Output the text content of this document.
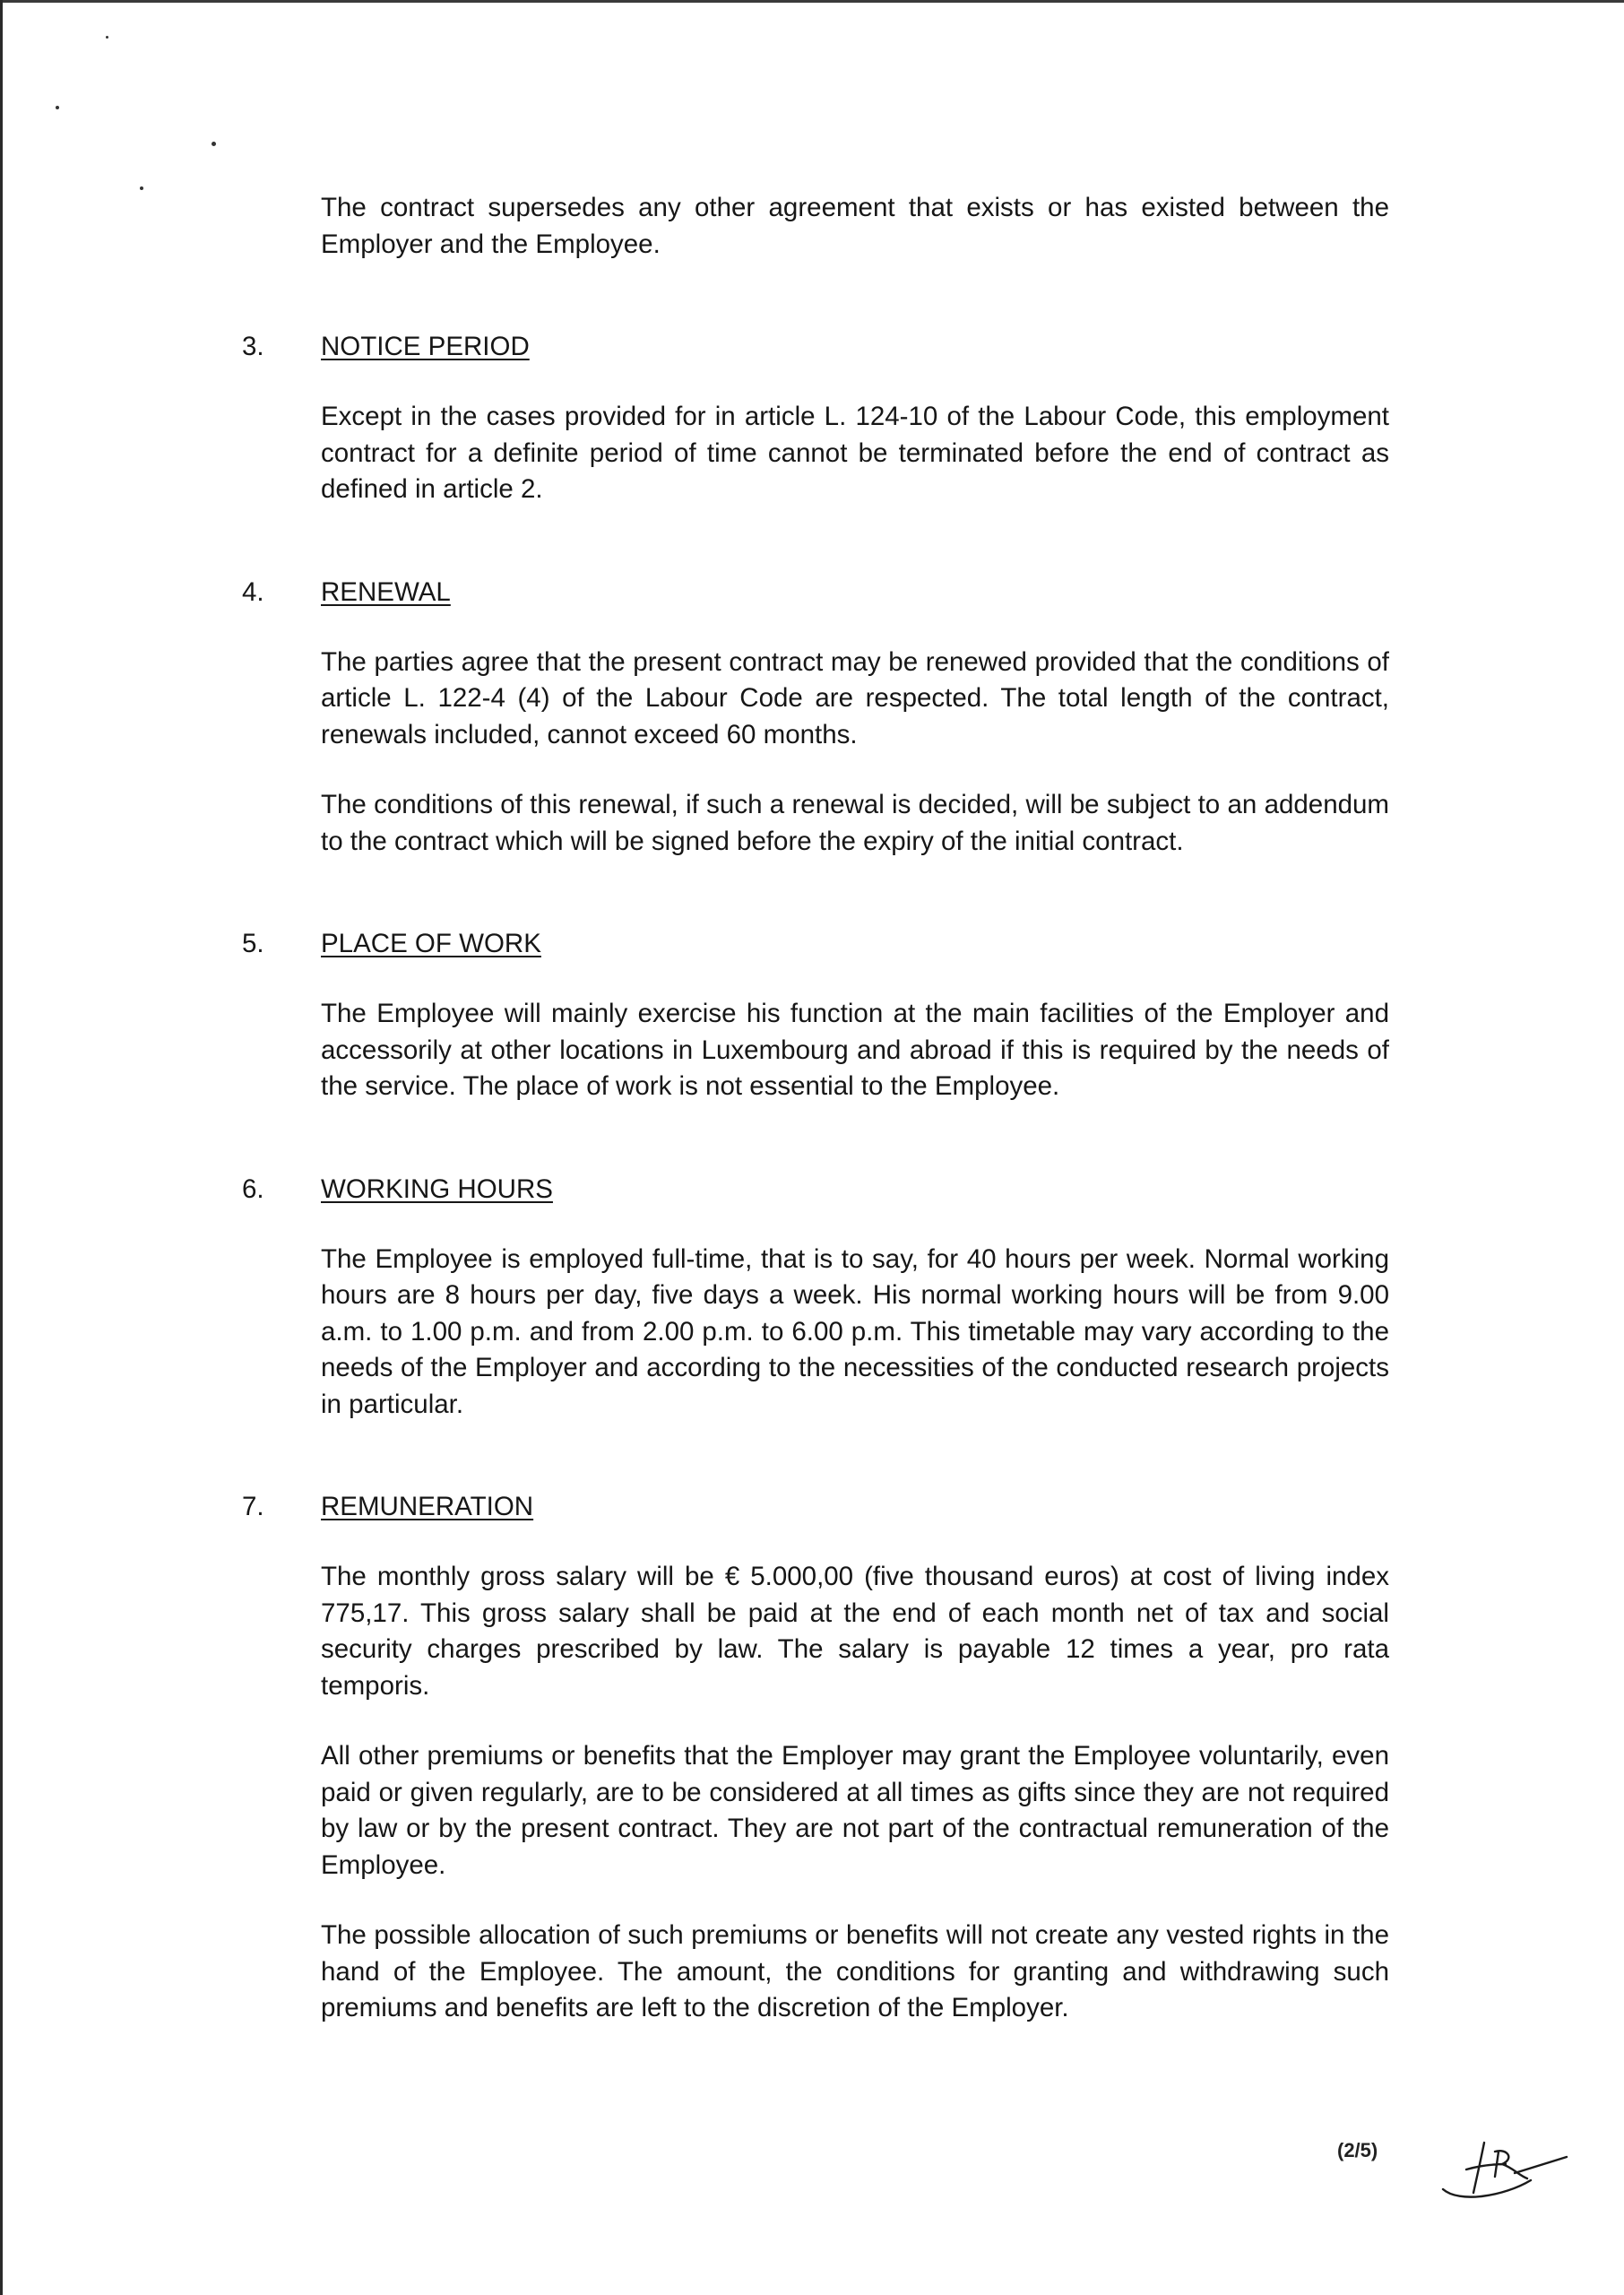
The contract supersedes any other agreement that exists or has existed between the Employer and the Employee.

3. NOTICE PERIOD

Except in the cases provided for in article L. 124-10 of the Labour Code, this employment contract for a definite period of time cannot be terminated before the end of contract as defined in article 2.

4. RENEWAL

The parties agree that the present contract may be renewed provided that the conditions of article L. 122-4 (4) of the Labour Code are respected. The total length of the contract, renewals included, cannot exceed 60 months.

The conditions of this renewal, if such a renewal is decided, will be subject to an addendum to the contract which will be signed before the expiry of the initial contract.

5. PLACE OF WORK

The Employee will mainly exercise his function at the main facilities of the Employer and accessorily at other locations in Luxembourg and abroad if this is required by the needs of the service. The place of work is not essential to the Employee.

6. WORKING HOURS

The Employee is employed full-time, that is to say, for 40 hours per week. Normal working hours are 8 hours per day, five days a week. His normal working hours will be from 9.00 a.m. to 1.00 p.m. and from 2.00 p.m. to 6.00 p.m. This timetable may vary according to the needs of the Employer and according to the necessities of the conducted research projects in particular.

7. REMUNERATION

The monthly gross salary will be € 5.000,00 (five thousand euros) at cost of living index 775,17. This gross salary shall be paid at the end of each month net of tax and social security charges prescribed by law. The salary is payable 12 times a year, pro rata temporis.

All other premiums or benefits that the Employer may grant the Employee voluntarily, even paid or given regularly, are to be considered at all times as gifts since they are not required by law or by the present contract. They are not part of the contractual remuneration of the Employee.

The possible allocation of such premiums or benefits will not create any vested rights in the hand of the Employee. The amount, the conditions for granting and withdrawing such premiums and benefits are left to the discretion of the Employer.

(2/5)
